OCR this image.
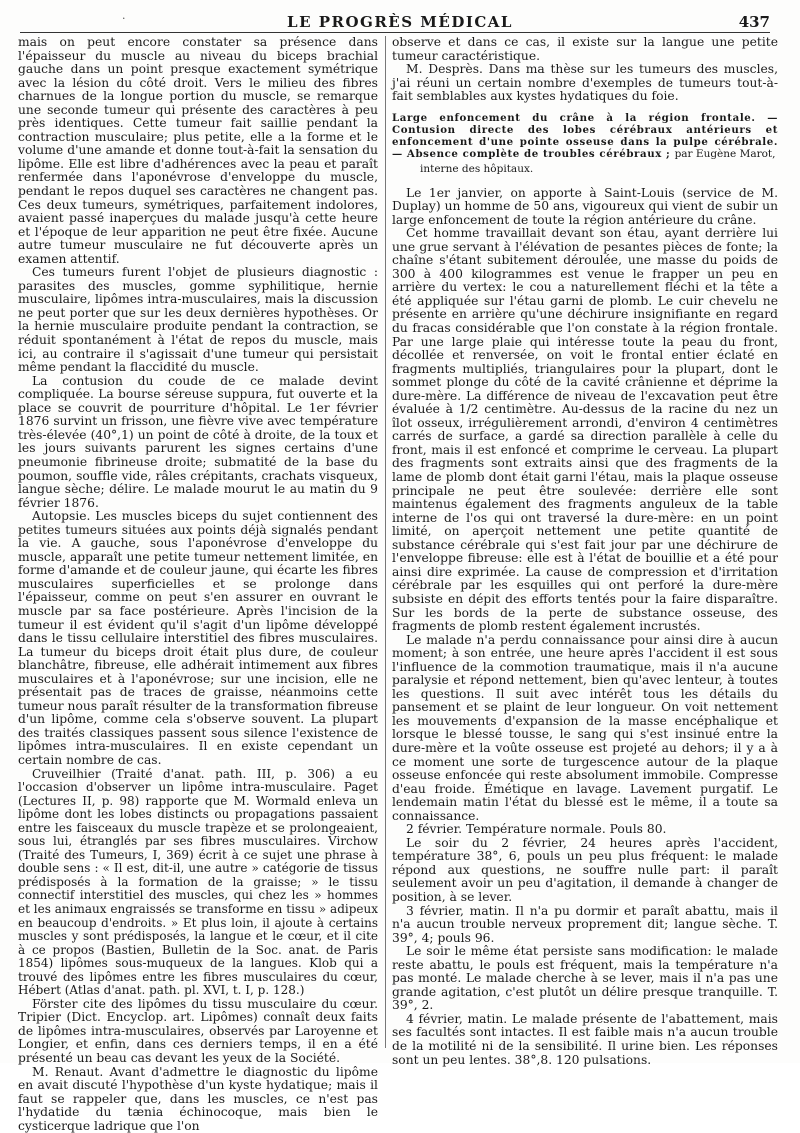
·	LE PROGRÈS MÉDICAL	437

mais on peut encore constater sa présence dans l'épaisseur du muscle au niveau du biceps brachial gauche dans un point presque exactement symétrique avec la lésion du côté droit. Vers le milieu des fibres charnues de la longue portion du muscle, se remarque une seconde tumeur qui présente des caractères à peu près identiques. Cette tumeur fait saillie pendant la contraction musculaire; plus petite, elle a la forme et le volume d'une amande et donne tout-à-fait la sensation du lipôme. Elle est libre d'adhérences avec la peau et paraît renfermée dans l'aponévrose d'enveloppe du muscle, pendant le repos duquel ses caractères ne changent pas. Ces deux tumeurs, symétriques, parfaitement indolores, avaient passé inaperçues du malade jusqu'à cette heure et l'époque de leur apparition ne peut être fixée. Aucune autre tumeur musculaire ne fut découverte après un examen attentif.

Ces tumeurs furent l'objet de plusieurs diagnostic : parasites des muscles, gomme syphilitique, hernie musculaire, lipômes intra-musculaires, mais la discussion ne peut porter que sur les deux dernières hypothèses. Or la hernie musculaire produite pendant la contraction, se réduit spontanément à l'état de repos du muscle, mais ici, au contraire il s'agissait d'une tumeur qui persistait même pendant la flaccidité du muscle.

La contusion du coude de ce malade devint compliquée. La bourse séreuse suppura, fut ouverte et la place se couvrit de pourriture d'hôpital. Le 1er février 1876 survint un frisson, une fièvre vive avec température très-élevée (40°,1) un point de côté à droite, de la toux et les jours suivants parurent les signes certains d'une pneumonie fibrineuse droite; submatité de la base du poumon, souffle vide, râles crépitants, crachats visqueux, langue sèche; délire. Le malade mourut le au matin du 9 février 1876.

Autopsie. Les muscles biceps du sujet contiennent des petites tumeurs situées aux points déjà signalés pendant la vie. A gauche, sous l'aponévrose d'enveloppe du muscle, apparaît une petite tumeur nettement limitée, en forme d'amande et de couleur jaune, qui écarte les fibres musculaires superficielles et se prolonge dans l'épaisseur, comme on peut s'en assurer en ouvrant le muscle par sa face postérieure. Après l'incision de la tumeur il est évident qu'il s'agit d'un lipôme développé dans le tissu cellulaire interstitiel des fibres musculaires. La tumeur du biceps droit était plus dure, de couleur blanchâtre, fibreuse, elle adhérait intimement aux fibres musculaires et à l'aponévrose; sur une incision, elle ne présentait pas de traces de graisse, néanmoins cette tumeur nous paraît résulter de la transformation fibreuse d'un lipôme, comme cela s'observe souvent. La plupart des traités classiques passent sous silence l'existence de lipômes intra-musculaires. Il en existe cependant un certain nombre de cas.

Cruveilhier (Traité d'anat. path. III, p. 306) a eu l'occasion d'observer un lipôme intra-musculaire. Paget (Lectures II, p. 98) rapporte que M. Wormald enleva un lipôme dont les lobes distincts ou propagations passaient entre les faisceaux du muscle trapèze et se prolongeaient, sous lui, étranglés par ses fibres musculaires. Virchow (Traité des Tumeurs, I, 369) écrit à ce sujet une phrase à double sens : « Il est, dit-il, une autre » catégorie de tissus prédisposés à la formation de la graisse; » le tissu connectif interstitiel des muscles, qui chez les » hommes et les animaux engraissés se transforme en tissu » adipeux en beaucoup d'endroits. » Et plus loin, il ajoute à certains muscles y sont prédisposés, la langue et le cœur, et il cite à ce propos (Bastien, Bulletin de la Soc. anat. de Paris 1854) lipômes sous-muqueux de la langues. Klob qui a trouvé des lipômes entre les fibres musculaires du cœur, Hébert (Atlas d'anat. path. pl. XVI, t. I, p. 128.)

Förster cite des lipômes du tissu musculaire du cœur. Tripier (Dict. Encyclop. art. Lipômes) connaît deux faits de lipômes intra-musculaires, observés par Laroyenne et Longier, et enfin, dans ces derniers temps, il en a été présenté un beau cas devant les yeux de la Société.

M. Renaut. Avant d'admettre le diagnostic du lipôme en avait discuté l'hypothèse d'un kyste hydatique; mais il faut se rappeler que, dans les muscles, ce n'est pas l'hydatide du tænia échinocoque, mais bien le cysticerque ladrique que l'on

observe et dans ce cas, il existe sur la langue une petite tumeur caractéristique.

M. Desprès. Dans ma thèse sur les tumeurs des muscles, j'ai réuni un certain nombre d'exemples de tumeurs tout-à-fait semblables aux kystes hydatiques du foie.

Large enfoncement du crâne à la région frontale. — Contusion directe des lobes cérébraux antérieurs et enfoncement d'une pointe osseuse dans la pulpe cérébrale. — Absence complète de troubles cérébraux ; par Eugène Marot,

interne des hôpitaux.

Le 1er janvier, on apporte à Saint-Louis (service de M. Duplay) un homme de 50 ans, vigoureux qui vient de subir un large enfoncement de toute la région antérieure du crâne.

Cet homme travaillait devant son étau, ayant derrière lui une grue servant à l'élévation de pesantes pièces de fonte; la chaîne s'étant subitement déroulée, une masse du poids de 300 à 400 kilogrammes est venue le frapper un peu en arrière du vertex: le cou a naturellement fléchi et la tête a été appliquée sur l'étau garni de plomb. Le cuir chevelu ne présente en arrière qu'une déchirure insignifiante en regard du fracas considérable que l'on constate à la région frontale. Par une large plaie qui intéresse toute la peau du front, décollée et renversée, on voit le frontal entier éclaté en fragments multipliés, triangulaires pour la plupart, dont le sommet plonge du côté de la cavité crânienne et déprime la dure-mère. La différence de niveau de l'excavation peut être évaluée à 1/2 centimètre. Au-dessus de la racine du nez un îlot osseux, irrégulièrement arrondi, d'environ 4 centimètres carrés de surface, a gardé sa direction parallèle à celle du front, mais il est enfoncé et comprime le cerveau. La plupart des fragments sont extraits ainsi que des fragments de la lame de plomb dont était garni l'étau, mais la plaque osseuse principale ne peut être soulevée: derrière elle sont maintenus également des fragments anguleux de la table interne de l'os qui ont traversé la dure-mère: en un point limité, on aperçoit nettement une petite quantité de substance cérébrale qui s'est fait jour par une déchirure de l'enveloppe fibreuse: elle est à l'état de bouillie et a été pour ainsi dire exprimée. La cause de compression et d'irritation cérébrale par les esquilles qui ont perforé la dure-mère subsiste en dépit des efforts tentés pour la faire disparaître. Sur les bords de la perte de substance osseuse, des fragments de plomb restent également incrustés.

Le malade n'a perdu connaissance pour ainsi dire à aucun moment; à son entrée, une heure après l'accident il est sous l'influence de la commotion traumatique, mais il n'a aucune paralysie et répond nettement, bien qu'avec lenteur, à toutes les questions. Il suit avec intérêt tous les détails du pansement et se plaint de leur longueur. On voit nettement les mouvements d'expansion de la masse encéphalique et lorsque le blessé tousse, le sang qui s'est insinué entre la dure-mère et la voûte osseuse est projeté au dehors; il y a à ce moment une sorte de turgescence autour de la plaque osseuse enfoncée qui reste absolument immobile. Compresse d'eau froide. Émétique en lavage. Lavement purgatif. Le lendemain matin l'état du blessé est le même, il a toute sa connaissance.

2 février. Température normale. Pouls 80.

Le soir du 2 février, 24 heures après l'accident, température 38°, 6, pouls un peu plus fréquent: le malade répond aux questions, ne souffre nulle part: il paraît seulement avoir un peu d'agitation, il demande à changer de position, à se lever.

3 février, matin. Il n'a pu dormir et paraît abattu, mais il n'a aucun trouble nerveux proprement dit; langue sèche. T. 39°, 4; pouls 96.

Le soir le même état persiste sans modification: le malade reste abattu, le pouls est fréquent, mais la température n'a pas monté. Le malade cherche à se lever, mais il n'a pas une grande agitation, c'est plutôt un délire presque tranquille. T. 39°, 2.

4 février, matin. Le malade présente de l'abattement, mais ses facultés sont intactes. Il est faible mais n'a aucun trouble de la motilité ni de la sensibilité. Il urine bien. Les réponses sont un peu lentes. 38°,8. 120 pulsations.
